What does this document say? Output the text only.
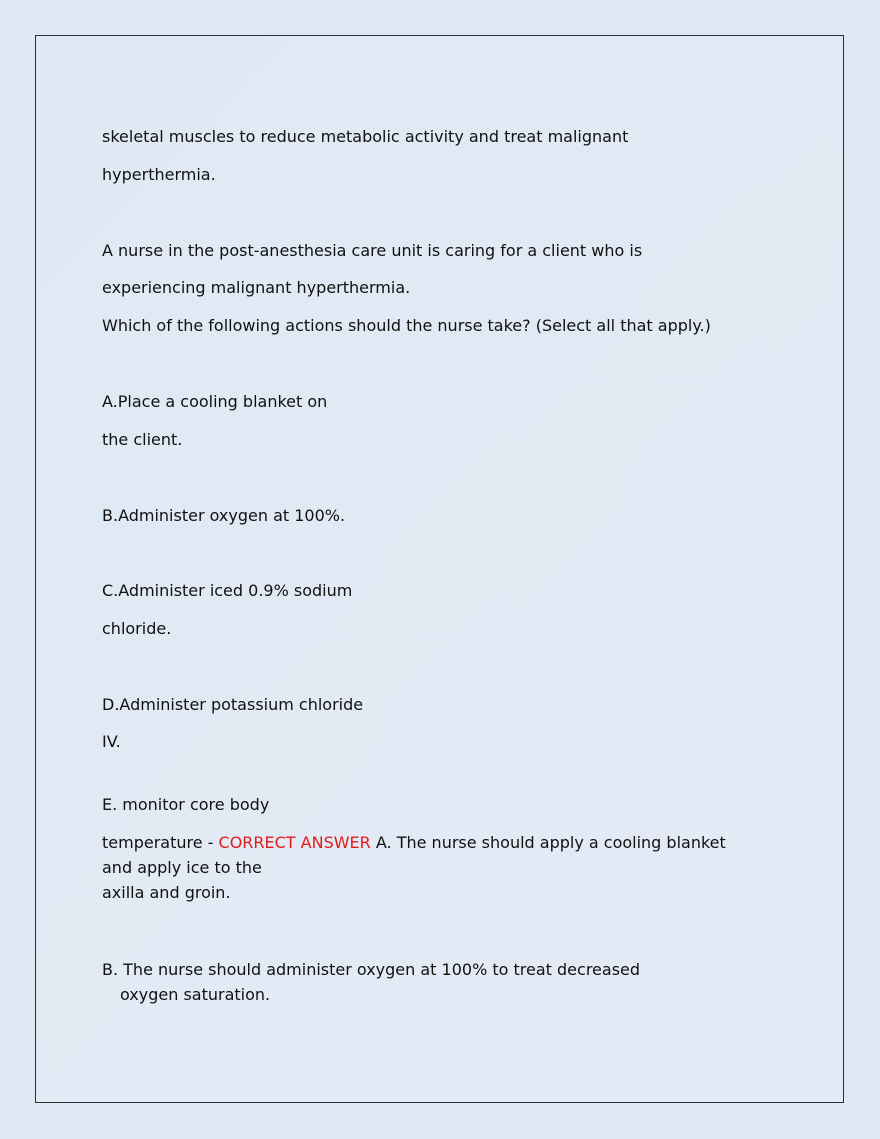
skeletal muscles to reduce metabolic activity and treat malignant
hyperthermia.
A nurse in the post-anesthesia care unit is caring for a client who is
experiencing malignant hyperthermia.
Which of the following actions should the nurse take? (Select all that apply.)
A.Place a cooling blanket on
the client.
B.Administer oxygen at 100%.
C.Administer iced 0.9% sodium
chloride.
D.Administer potassium chloride
IV.
E. monitor core body
temperature - CORRECT ANSWER A. The nurse should apply a cooling blanket and apply ice to the
axilla and groin.
B. The nurse should administer oxygen at 100% to treat decreased
oxygen saturation.
